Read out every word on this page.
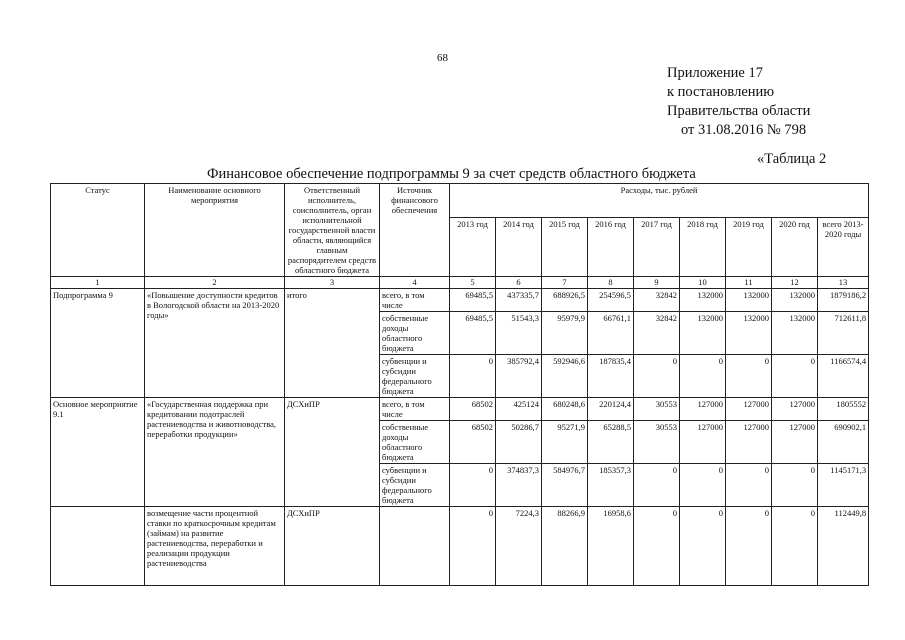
68
Приложение 17
к постановлению
Правительства области
от 31.08.2016 № 798
«Таблица 2
Финансовое обеспечение подпрограммы 9 за счет средств областного бюджета
Статус	Наименование основного мероприятия	Ответственный исполнитель, соисполнитель, орган исполнительной государственной власти области, являющийся главным распорядителем средств областного бюджета	Источник финансового обеспечения	Расходы, тыс. рублей								
				2013 год	2014 год	2015 год	2016 год	2017 год	2018 год	2019 год	2020 год	всего 2013-2020 годы
1	2	3	4	5	6	7	8	9	10	11	12	13
Подпрограмма 9	«Повышение доступности кредитов в Вологодской области на 2013-2020 годы»	итого	всего, в том числе	69485,5	437335,7	688926,5	254596,5	32842	132000	132000	132000	1879186,2
			собственные доходы областного бюджета	69485,5	51543,3	95979,9	66761,1	32842	132000	132000	132000	712611,8
			субвенции и субсидии федерального бюджета	0	385792,4	592946,6	187835,4	0	0	0	0	1166574,4
Основное мероприятие 9.1	«Государственная поддержка при кредитовании подотраслей растениеводства и животноводства, переработки продукции»	ДСХиПР	всего, в том числе	68502	425124	680248,6	220124,4	30553	127000	127000	127000	1805552
			собственные доходы областного бюджета	68502	50286,7	95271,9	65288,5	30553	127000	127000	127000	690902,1
			субвенции и субсидии федерального бюджета	0	374837,3	584976,7	185357,3	0	0	0	0	1145171,3
	возмещение части процентной ставки по краткосрочным кредитам (займам) на развитие растениеводства, переработки и реализации продукции растениеводства	ДСХиПР		0	7224,3	88266,9	16958,6	0	0	0	0	112449,8
